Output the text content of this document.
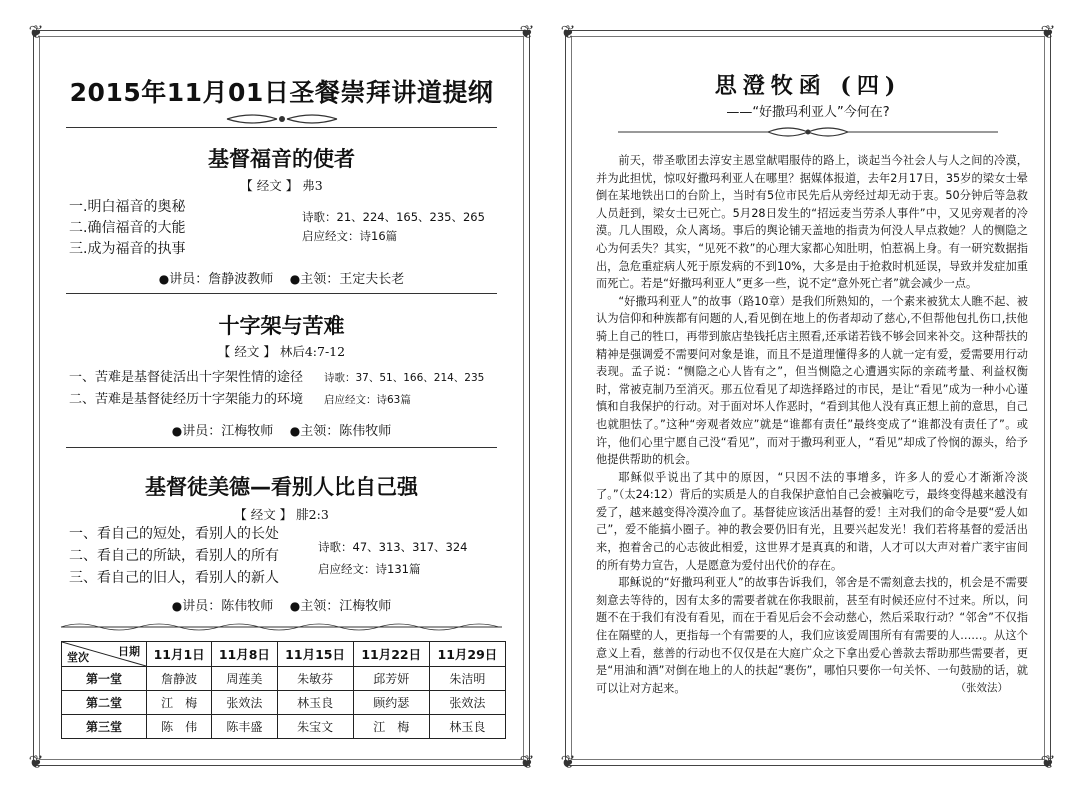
❦	❦
❦	❦
2015年11月01日圣餐崇拜讲道提纲
基督福音的使者
【 经文 】 弗3
一.明白福音的奥秘
二.确信福音的大能
三.成为福音的执事
诗歌：21、224、165、235、265
启应经文：诗16篇
●讲员：詹静波教师 ●主领：王定夫长老
十字架与苦难
【 经文 】 林后4:7-12
一、苦难是基督徒活出十字架性情的途径
二、苦难是基督徒经历十字架能力的环境
诗歌：37、51、166、214、235
启应经文：诗63篇
●讲员：江梅牧师 ●主领：陈伟牧师
基督徒美德—看别人比自己强
【 经文 】 腓2:3
一、看自己的短处，看别人的长处
二、看自己的所缺，看别人的所有
三、看自己的旧人，看别人的新人
诗歌：47、313、317、324
启应经文：诗131篇
●讲员：陈伟牧师 ●主领：江梅牧师
日期
堂次	11月1日	11月8日	11月15日	11月22日	11月29日
第一堂	詹静波	周莲美	朱敏芬	邱芳妍	朱洁明
第二堂	江　梅	张效法	林玉良	顾约瑟	张效法
第三堂	陈　伟	陈丰盛	朱宝文	江　梅	林玉良
❦	❦
❦	❦
思澄牧函 (四)
——“好撒玛利亚人”今何在?

前天，带圣歌团去淳安主恩堂献唱服侍的路上，谈起当今社会人与人之间的冷漠，并为此担忧，惊叹好撒玛利亚人在哪里？据媒体报道，去年2月17日，35岁的梁女士晕倒在某地铁出口的台阶上，当时有5位市民先后从旁经过却无动于衷。50分钟后等急救人员赶到，梁女士已死亡。5月28日发生的“招远麦当劳杀人事件”中，又见旁观者的冷漠。几人围殴，众人离场。事后的舆论铺天盖地的指责为何没人早点救她？人的恻隐之心为何丢失？其实，“见死不救”的心理大家都心知肚明，怕惹祸上身。有一研究数据指出，急危重症病人死于原发病的不到10%，大多是由于抢救时机延误，导致并发症加重而死亡。若是“好撒玛利亚人”更多一些，说不定“意外死亡者”就会减少一点。

“好撒玛利亚人”的故事（路10章）是我们所熟知的，一个素来被犹太人瞧不起、被认为信仰和种族都有问题的人,看见倒在地上的伤者却动了慈心,不但帮他包扎伤口,扶他骑上自己的牲口，再带到旅店垫钱托店主照看,还承诺若钱不够会回来补交。这种帮扶的精神是强调爱不需要问对象是谁，而且不是道理懂得多的人就一定有爱，爱需要用行动表现。孟子说：“恻隐之心人皆有之”，但当恻隐之心遭遇实际的亲疏考量、利益权衡时，常被克制乃至消灭。那五位看见了却选择路过的市民，是让“看见”成为一种小心谨慎和自我保护的行动。对于面对坏人作恶时，“看到其他人没有真正想上前的意思，自己也就胆怯了。”这种“旁观者效应”就是“谁都有责任”最终变成了“谁都没有责任了”。或许，他们心里宁愿自己没“看见”，而对于撒玛利亚人，“看见”却成了怜悯的源头，给予他提供帮助的机会。

耶稣似乎说出了其中的原因，“只因不法的事增多，许多人的爱心才渐渐冷淡了。”（太24:12）背后的实质是人的自我保护意怕自己会被骗吃亏，最终变得越来越没有爱了，越来越变得冷漠冷血了。基督徒应该活出基督的爱！主对我们的命令是要“爱人如己”，爱不能搞小圈子。神的教会要仍旧有光，且要兴起发光！我们若将基督的爱活出来，抱着舍己的心志彼此相爱，这世界才是真真的和谐，人才可以大声对着广袤宇宙间的所有势力宣告，人是愿意为爱付出代价的存在。

耶稣说的“好撒玛利亚人”的故事告诉我们，邻舍是不需刻意去找的，机会是不需要刻意去等待的，因有太多的需要者就在你我眼前，甚至有时候还应付不过来。所以，问题不在于我们有没有看见，而在于看见后会不会动慈心，然后采取行动？“邻舍”不仅指住在隔壁的人，更指每一个有需要的人，我们应该爱周围所有有需要的人……。从这个意义上看，慈善的行动也不仅仅是在大庭广众之下拿出爱心善款去帮助那些需要者，更是“用油和酒”对倒在地上的人的扶起“裹伤”，哪怕只要你一句关怀、一句鼓励的话，就可以让对方起来。	（张效法）
